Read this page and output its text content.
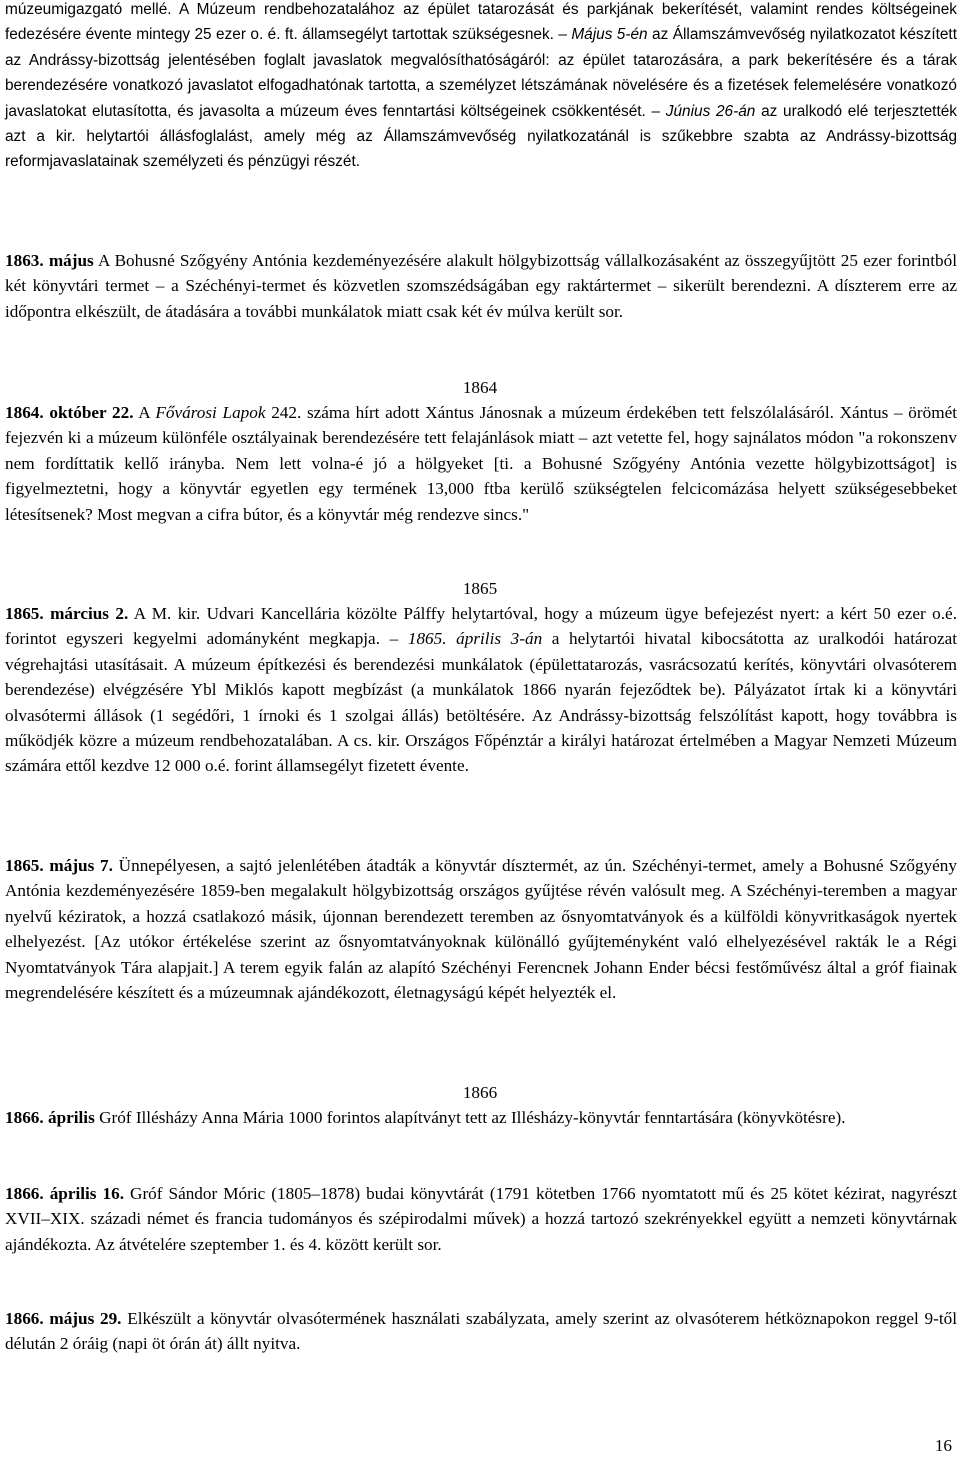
múzeumigazgató mellé. A Múzeum rendbehozatalához az épület tatarozását és parkjának bekerítését, valamint rendes költségeinek fedezésére évente mintegy 25 ezer o. é. ft. államsegélyt tartottak szükségesnek. – Május 5-én az Államszámvevőség nyilatkozatot készített az Andrássy-bizottság jelentésében foglalt javaslatok megvalósíthatóságáról: az épület tatarozására, a park bekerítésére és a tárak berendezésére vonatkozó javaslatot elfogadhatónak tartotta, a személyzet létszámának növelésére és a fizetések felemelésére vonatkozó javaslatokat elutasította, és javasolta a múzeum éves fenntartási költségeinek csökkentését. – Június 26-án az uralkodó elé terjesztették azt a kir. helytartói állásfoglalást, amely még az Államszámvevőség nyilatkozatánál is szűkebbre szabta az Andrássy-bizottság reformjavaslatainak személyzeti és pénzügyi részét.

1863. május A Bohusné Szőgyény Antónia kezdeményezésére alakult hölgybizottság vállalkozásaként az összegyűjtött 25 ezer forintból két könyvtári termet – a Széchényi-termet és közvetlen szomszédságában egy raktártermet – sikerült berendezni. A díszterem erre az időpontra elkészült, de átadására a további munkálatok miatt csak két év múlva került sor.

1864

1864. október 22. A Fővárosi Lapok 242. száma hírt adott Xántus Jánosnak a múzeum érdekében tett felszólalásáról. Xántus – örömét fejezvén ki a múzeum különféle osztályainak berendezésére tett felajánlások miatt – azt vetette fel, hogy sajnálatos módon "a rokonszenv nem fordíttatik kellő irányba. Nem lett volna-é jó a hölgyeket [ti. a Bohusné Szőgyény Antónia vezette hölgybizottságot] is figyelmeztetni, hogy a könyvtár egyetlen egy termének 13,000 ftba kerülő szükségtelen felcicomázása helyett szükségesebbeket létesítsenek? Most megvan a cifra bútor, és a könyvtár még rendezve sincs."

1865

1865. március 2. A M. kir. Udvari Kancellária közölte Pálffy helytartóval, hogy a múzeum ügye befejezést nyert: a kért 50 ezer o.é. forintot egyszeri kegyelmi adományként megkapja. – 1865. április 3-án a helytartói hivatal kibocsátotta az uralkodói határozat végrehajtási utasításait. A múzeum építkezési és berendezési munkálatok (épülettatarozás, vasrácsozatú kerítés, könyvtári olvasóterem berendezése) elvégzésére Ybl Miklós kapott megbízást (a munkálatok 1866 nyarán fejeződtek be). Pályázatot írtak ki a könyvtári olvasótermi állások (1 segédőri, 1 írnoki és 1 szolgai állás) betöltésére. Az Andrássy-bizottság felszólítást kapott, hogy továbbra is működjék közre a múzeum rendbehozatalában. A cs. kir. Országos Főpénztár a királyi határozat értelmében a Magyar Nemzeti Múzeum számára ettől kezdve 12 000 o.é. forint államsegélyt fizetett évente.

1865. május 7. Ünnepélyesen, a sajtó jelenlétében átadták a könyvtár dísztermét, az ún. Széchényi-termet, amely a Bohusné Szőgyény Antónia kezdeményezésére 1859-ben megalakult hölgybizottság országos gyűjtése révén valósult meg. A Széchényi-teremben a magyar nyelvű kéziratok, a hozzá csatlakozó másik, újonnan berendezett teremben az ősnyomtatványok és a külföldi könyvritkaságok nyertek elhelyezést. [Az utókor értékelése szerint az ősnyomtatványoknak különálló gyűjteményként való elhelyezésével rakták le a Régi Nyomtatványok Tára alapjait.] A terem egyik falán az alapító Széchényi Ferencnek Johann Ender bécsi festőművész által a gróf fiainak megrendelésére készített és a múzeumnak ajándékozott, életnagyságú képét helyezték el.

1866

1866. április Gróf Illésházy Anna Mária 1000 forintos alapítványt tett az Illésházy-könyvtár fenntartására (könyvkötésre).

1866. április 16. Gróf Sándor Móric (1805–1878) budai könyvtárát (1791 kötetben 1766 nyomtatott mű és 25 kötet kézirat, nagyrészt XVII–XIX. századi német és francia tudományos és szépirodalmi művek) a hozzá tartozó szekrényekkel együtt a nemzeti könyvtárnak ajándékozta. Az átvételére szeptember 1. és 4. között került sor.

1866. május 29. Elkészült a könyvtár olvasótermének használati szabályzata, amely szerint az olvasóterem hétköznapokon reggel 9-től délután 2 óráig (napi öt órán át) állt nyitva.

16
